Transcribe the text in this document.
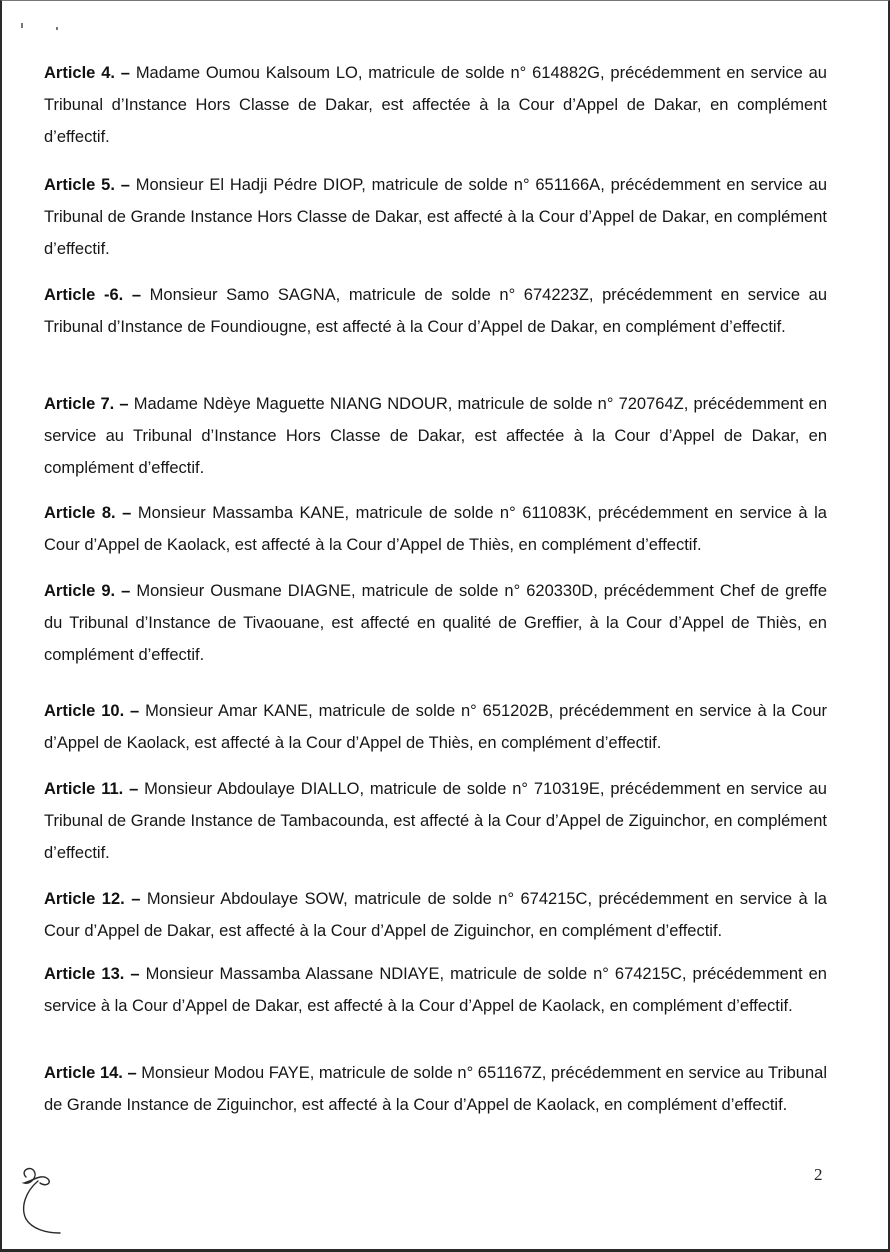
Article 4. – Madame Oumou Kalsoum LO, matricule de solde n° 614882G, précédemment en service au Tribunal d’Instance Hors Classe de Dakar, est affectée à la Cour d’Appel de Dakar, en complément d’effectif.

Article 5. – Monsieur El Hadji Pédre DIOP, matricule de solde n° 651166A, précédemment en service au Tribunal de Grande Instance Hors Classe de Dakar, est affecté à la Cour d’Appel de Dakar, en complément d’effectif.

Article -6. – Monsieur Samo SAGNA, matricule de solde n° 674223Z, précédemment en service au Tribunal d’Instance de Foundiougne, est affecté à la Cour d’Appel de Dakar, en complément d’effectif.

Article 7. – Madame Ndèye Maguette NIANG NDOUR, matricule de solde n° 720764Z, précédemment en service au Tribunal d’Instance Hors Classe de Dakar, est affectée à la Cour d’Appel de Dakar, en complément d’effectif.

Article 8. – Monsieur Massamba KANE, matricule de solde n° 611083K, précédemment en service à la Cour d’Appel de Kaolack, est affecté à la Cour d’Appel de Thiès, en complément d’effectif.

Article 9. – Monsieur Ousmane DIAGNE, matricule de solde n° 620330D, précédemment Chef de greffe du Tribunal d’Instance de Tivaouane, est affecté en qualité de Greffier, à la Cour d’Appel de Thiès, en complément d’effectif.

Article 10. – Monsieur Amar KANE, matricule de solde n° 651202B, précédemment en service à la Cour d’Appel de Kaolack, est affecté à la Cour d’Appel de Thiès, en complément d’effectif.

Article 11. – Monsieur Abdoulaye DIALLO, matricule de solde n° 710319E, précédemment en service au Tribunal de Grande Instance de Tambacounda, est affecté à la Cour d’Appel de Ziguinchor, en complément d’effectif.

Article 12. – Monsieur Abdoulaye SOW, matricule de solde n° 674215C, précédemment en service à la Cour d’Appel de Dakar, est affecté à la Cour d’Appel de Ziguinchor, en complément d’effectif.

Article 13. – Monsieur Massamba Alassane NDIAYE, matricule de solde n° 674215C, précédemment en service à la Cour d’Appel de Dakar, est affecté à la Cour d’Appel de Kaolack, en complément d’effectif.

Article 14. – Monsieur Modou FAYE, matricule de solde n° 651167Z, précédemment en service au Tribunal de Grande Instance de Ziguinchor, est affecté à la Cour d’Appel de Kaolack, en complément d’effectif.

2
